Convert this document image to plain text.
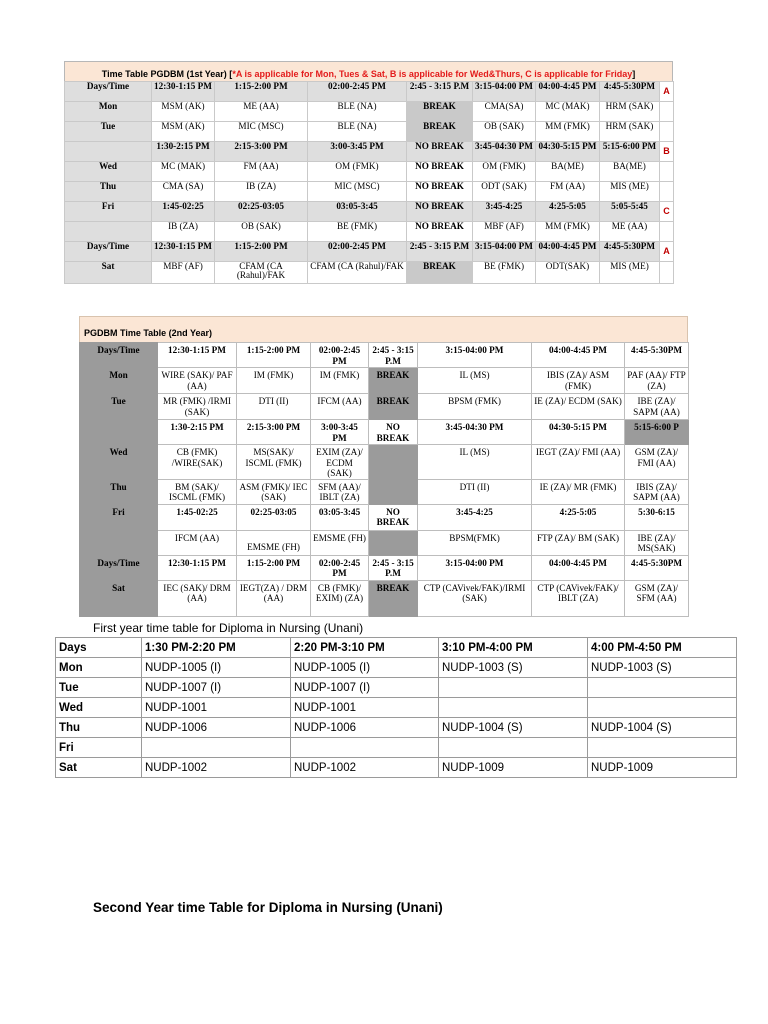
Time Table PGDBM (1st Year) [*A is applicable for Mon, Tues & Sat, B is applicable for Wed&Thurs, C is applicable for Friday]
Days/Time	12:30-1:15 PM	1:15-2:00 PM	02:00-2:45 PM	2:45 - 3:15 P.M	3:15-04:00 PM	04:00-4:45 PM	4:45-5:30PM	A
Mon	MSM (AK)	ME (AA)	BLE (NA)	BREAK	CMA(SA)	MC (MAK)	HRM (SAK)	
Tue	MSM (AK)	MIC (MSC)	BLE (NA)	BREAK	OB (SAK)	MM (FMK)	HRM (SAK)	
	1:30-2:15 PM	2:15-3:00 PM	3:00-3:45 PM	NO BREAK	3:45-04:30 PM	04:30-5:15 PM	5:15-6:00 PM	B
Wed	MC (MAK)	FM (AA)	OM (FMK)	NO BREAK	OM (FMK)	BA(ME)	BA(ME)	
Thu	CMA (SA)	IB (ZA)	MIC (MSC)	NO BREAK	ODT (SAK)	FM (AA)	MIS (ME)	
Fri	1:45-02:25	02:25-03:05	03:05-3:45	NO BREAK	3:45-4:25	4:25-5:05	5:05-5:45	C
	IB (ZA)	OB (SAK)	BE (FMK)	NO BREAK	MBF (AF)	MM (FMK)	ME (AA)	
Days/Time	12:30-1:15 PM	1:15-2:00 PM	02:00-2:45 PM	2:45 - 3:15 P.M	3:15-04:00 PM	04:00-4:45 PM	4:45-5:30PM	A
Sat	MBF (AF)	CFAM (CA (Rahul)/FAK	CFAM (CA (Rahul)/FAK	BREAK	BE (FMK)	ODT(SAK)	MIS (ME)	
PGDBM Time Table (2nd Year)
Days/Time	12:30-1:15 PM	1:15-2:00 PM	02:00-2:45 PM	2:45 - 3:15 P.M	3:15-04:00 PM	04:00-4:45 PM	4:45-5:30PM
Mon	WIRE (SAK)/ PAF (AA)	IM (FMK)	IM (FMK)	BREAK	IL (MS)	IBIS (ZA)/ ASM (FMK)	PAF (AA)/ FTP (ZA)
Tue	MR (FMK) /IRMI (SAK)	DTI (II)	IFCM (AA)	BREAK	BPSM (FMK)	IE (ZA)/ ECDM (SAK)	IBE (ZA)/ SAPM (AA)
	1:30-2:15 PM	2:15-3:00 PM	3:00-3:45 PM	NO BREAK	3:45-04:30 PM	04:30-5:15 PM	5:15-6:00 P
Wed	CB (FMK) /WIRE(SAK)	MS(SAK)/ ISCML (FMK)	EXIM (ZA)/ ECDM (SAK)		IL (MS)	IEGT (ZA)/ FMI (AA)	GSM (ZA)/ FMI (AA)
Thu	BM (SAK)/ ISCML (FMK)	ASM (FMK)/ IEC (SAK)	SFM (AA)/ IBLT (ZA)		DTI (II)	IE (ZA)/ MR (FMK)	IBIS (ZA)/ SAPM (AA)
Fri	1:45-02:25	02:25-03:05	03:05-3:45	NO BREAK	3:45-4:25	4:25-5:05	5:30-6:15
	IFCM (AA)	EMSME (FH)	EMSME (FH)		BPSM(FMK)	FTP (ZA)/ BM (SAK)	IBE (ZA)/ MS(SAK)
Days/Time	12:30-1:15 PM	1:15-2:00 PM	02:00-2:45 PM	2:45 - 3:15 P.M	3:15-04:00 PM	04:00-4:45 PM	4:45-5:30PM
Sat	IEC (SAK)/ DRM (AA)	IEGT(ZA) / DRM (AA)	CB (FMK)/ EXIM) (ZA)	BREAK	CTP (CAVivek/FAK)/IRMI (SAK)	CTP (CAVivek/FAK)/ IBLT (ZA)	GSM (ZA)/ SFM (AA)
First year time table for Diploma in Nursing (Unani)
Days	1:30 PM-2:20 PM	2:20 PM-3:10 PM	3:10 PM-4:00 PM	4:00 PM-4:50 PM
Mon	NUDP-1005 (I)	NUDP-1005 (I)	NUDP-1003 (S)	NUDP-1003 (S)
Tue	NUDP-1007 (I)	NUDP-1007 (I)		
Wed	NUDP-1001	NUDP-1001		
Thu	NUDP-1006	NUDP-1006	NUDP-1004 (S)	NUDP-1004 (S)
Fri				
Sat	NUDP-1002	NUDP-1002	NUDP-1009	NUDP-1009
Second Year time Table for Diploma in Nursing (Unani)
